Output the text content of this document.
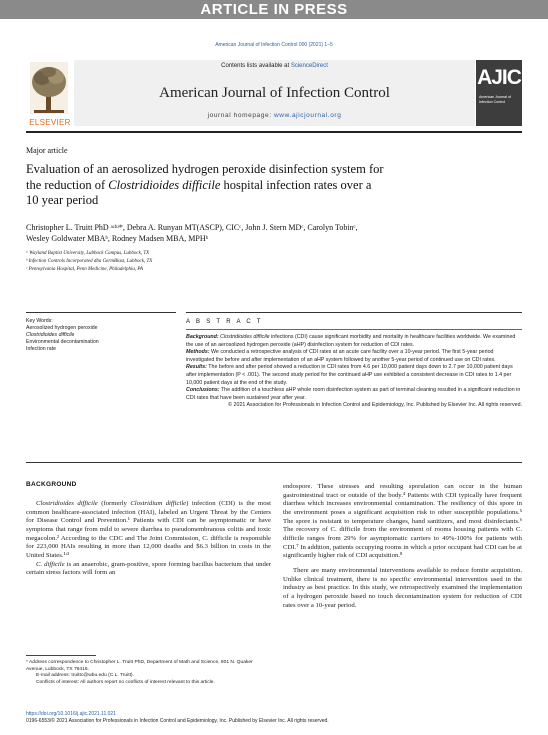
ARTICLE IN PRESS
American Journal of Infection Control 000 (2021) 1–5
ELSEVIER
Contents lists available at ScienceDirect
American Journal of Infection Control
journal homepage: www.ajicjournal.org
AJIC
American Journal of Infection Control
Major article
Evaluation of an aerosolized hydrogen peroxide disinfection system for
the reduction of Clostridioides difficile hospital infection rates over a
10 year period
Christopher L. Truitt PhD ᵃʴᵇʴ*, Debra A. Runyan MT(ASCP), CICᶜ, John J. Stern MDᶜ, Carolyn Tobinᶜ,
Wesley Goldwater MBAᵇ, Rodney Madsen MBA, MPHᵇ
ᵃ Wayland Baptist University, Lubbock Campus, Lubbock, TX
ᵇ Infection Controls Incorporated dba GermBlast, Lubbock, TX
ᶜ Pennsylvania Hospital, Penn Medicine, Philadelphia, PA
Key Words:
Aerosolized hydrogen peroxide
Clostridioides difficile
Environmental decontamination
Infection rate
A B S T R A C T

Background: Clostridioides difficile infections (CDI) cause significant morbidity and mortality in healthcare facilities worldwide. We examined the use of an aerosolized hydrogen peroxide (aHP) disinfection system for reduction of CDI rates.

Methods: We conducted a retrospective analysis of CDI rates at an acute care facility over a 10-year period. The first 5-year period investigated the before and after implementation of an aHP system followed by another 5-year period of continued use on CDI rates.

Results: The before and after period showed a reduction in CDI rates from 4.6 per 10,000 patient days down to 2.7 per 10,000 patient days after implementation (P < .001). The second study period for the continued aHP use exhibited a consistent decrease in CDI rates to 1.4 per 10,000 patient days at the end of the study.

Conclusions: The addition of a touchless aHP whole room disinfection system as part of terminal cleaning resulted in a significant reduction in CDI rates that have been sustained year after year.

© 2021 Association for Professionals in Infection Control and Epidemiology, Inc. Published by Elsevier Inc. All rights reserved.

BACKGROUND

Clostridioides difficile (formerly Clostridium difficile) infection (CDI) is the most common healthcare-associated infection (HAI), labeled an Urgent Threat by the Centers for Disease Control and Prevention.¹ Patients with CDI can be asymptomatic or have symptoms that range from mild to severe diarrhea to pseudomembranous colitis and toxic megacolon.² According to the CDC and The Joint Commission, C. difficile is responsible for 223,000 HAIs resulting in more than 12,000 deaths and $6.3 billion in costs in the United States.¹ʴ³

C. difficile is an anaerobic, gram-positive, spore forming bacillus bacterium that under certain stress factors will form an

endospore. These stresses and resulting sporulation can occur in the human gastrointestinal tract or outside of the body.⁴ Patients with CDI typically have frequent diarrhea which increases environmental contamination. The resiliency of this spore in the environment poses a significant acquisition risk to other susceptible populations.⁵ The spore is resistant to temperature changes, hand sanitizers, and most disinfectants.⁶ The recovery of C. difficile from the environment of rooms housing patients with C. difficile ranges from 29% for asymptomatic carriers to 49%-100% for patients with CDI.⁷ In addition, patients occupying rooms in which a prior occupant had CDI can be at significantly higher risk of CDI acquisition.⁸

There are many environmental interventions available to reduce fomite acquisition. Unlike clinical treatment, there is no specific environmental intervention used in the industry as best practice. In this study, we retrospectively examined the implementation of a hydrogen peroxide based no touch decontamination system for reduction of CDI rates over a 10-year period.

* Address correspondence to Christopher L. Truitt PhD, Department of Math and Science, 801 N. Quaker Avenue, Lubbock, TX 79416.

E-mail address: truittc@wbu.edu (C.L. Truitt).

Conflicts of interest: All authors report no conflicts of interest relevant to this article.

https://doi.org/10.1016/j.ajic.2021.11.021
0196-6553/© 2021 Association for Professionals in Infection Control and Epidemiology, Inc. Published by Elsevier Inc. All rights reserved.
